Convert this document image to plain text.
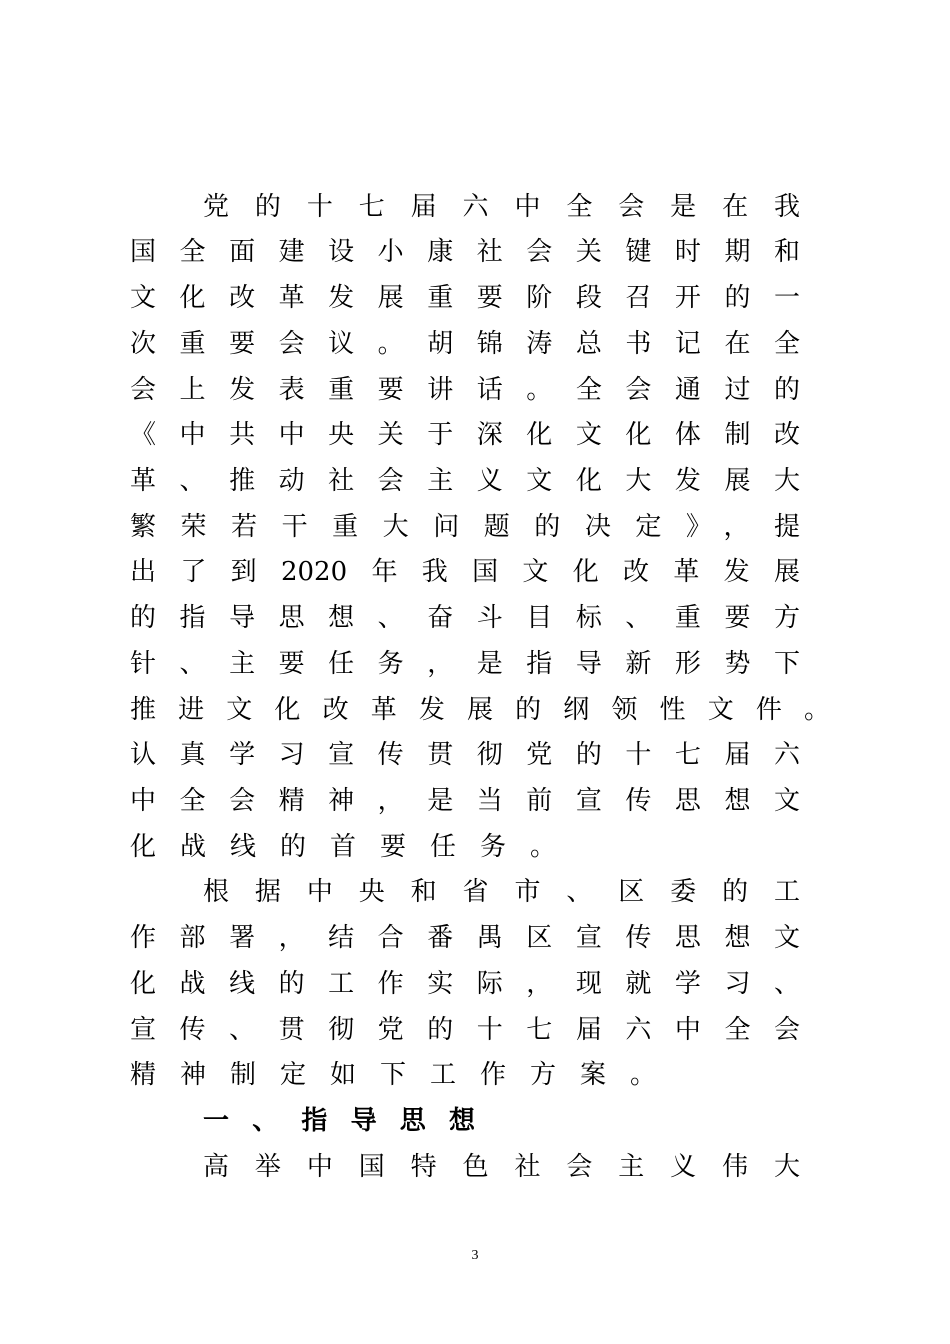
党的十七届六中全会是在我
国全面建设小康社会关键时期和
文化改革发展重要阶段召开的一
次重要会议。胡锦涛总书记在全
会上发表重要讲话。全会通过的
《中共中央关于深化文化体制改
革、推动社会主义文化大发展大
繁荣若干重大问题的决定》，提
出了到2020年我国文化改革发展
的指导思想、奋斗目标、重要方
针、主要任务，是指导新形势下
推进文化改革发展的纲领性文件。
认真学习宣传贯彻党的十七届六
中全会精神，是当前宣传思想文
化战线的首要任务。
根据中央和省市、区委的工
作部署，结合番禺区宣传思想文
化战线的工作实际，现就学习、
宣传、贯彻党的十七届六中全会
精神制定如下工作方案。
一、指导思想
高举中国特色社会主义伟大
3
